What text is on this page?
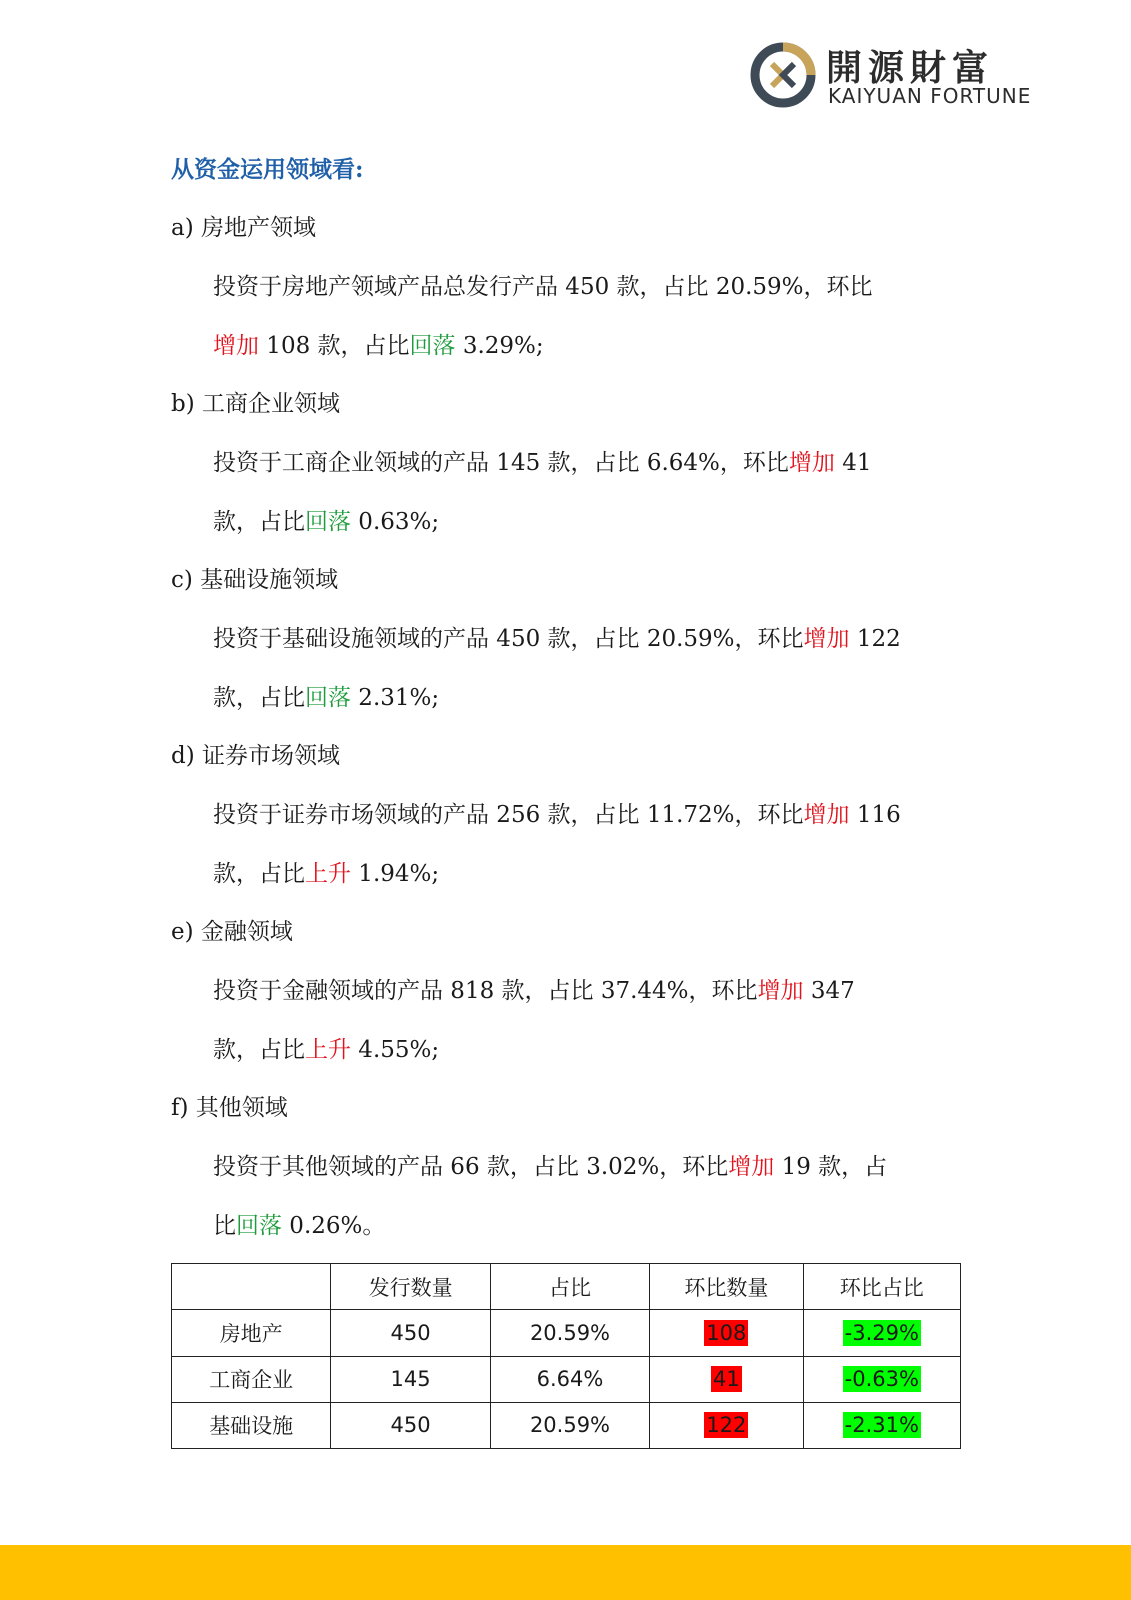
開源財富
KAIYUAN FORTUNE
从资金运用领域看:
a) 房地产领域
投资于房地产领域产品总发行产品 450 款，占比 20.59%，环比
增加 108 款，占比回落 3.29%;
b) 工商企业领域
投资于工商企业领域的产品 145 款，占比 6.64%，环比增加 41
款，占比回落 0.63%;
c) 基础设施领域
投资于基础设施领域的产品 450 款，占比 20.59%，环比增加 122
款，占比回落 2.31%;
d) 证券市场领域
投资于证券市场领域的产品 256 款，占比 11.72%，环比增加 116
款，占比上升 1.94%;
e) 金融领域
投资于金融领域的产品 818 款，占比 37.44%，环比增加 347
款，占比上升 4.55%;
f) 其他领域
投资于其他领域的产品 66 款，占比 3.02%，环比增加 19 款，占
比回落 0.26%。
	发行数量	占比	环比数量	环比占比
房地产	450	20.59%	108	-3.29%
工商企业	145	6.64%	41	-0.63%
基础设施	450	20.59%	122	-2.31%
